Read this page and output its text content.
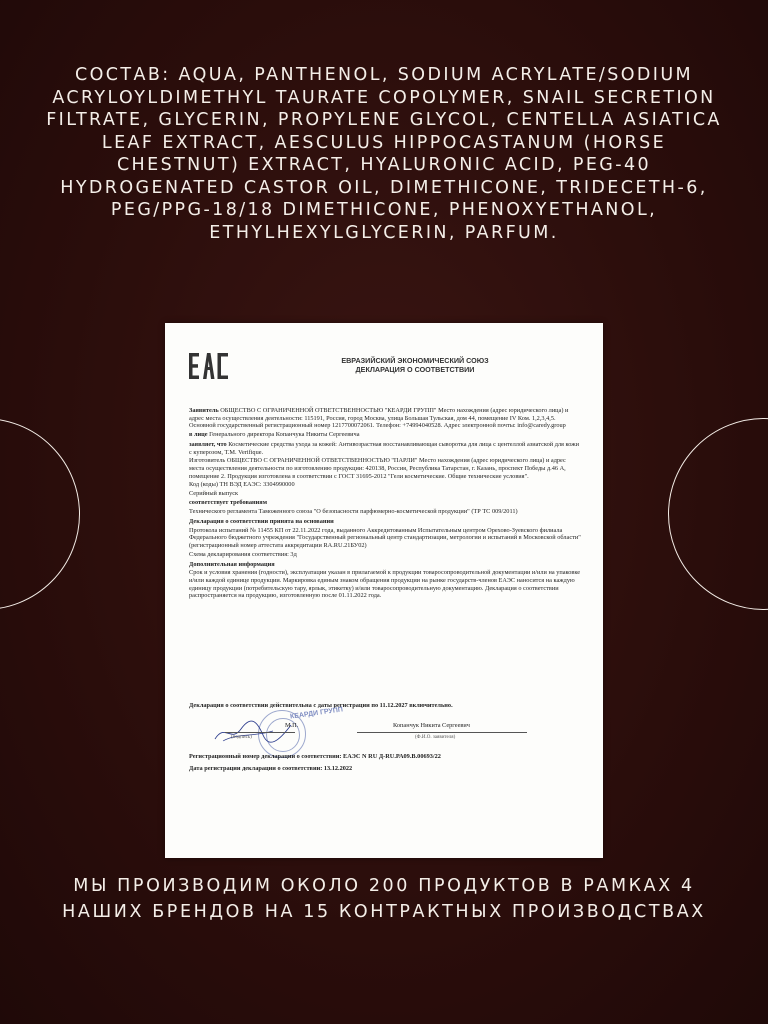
СОСТАВ: AQUA, PANTHENOL, SODIUM ACRYLATE/SODIUM ACRYLOYLDIMETHYL TAURATE COPOLYMER, SNAIL SECRETION FILTRATE, GLYCERIN, PROPYLENE GLYCOL, CENTELLA ASIATICA LEAF EXTRACT, AESCULUS HIPPOCASTANUM (HORSE CHESTNUT) EXTRACT, HYALURONIC ACID, PEG-40 HYDROGENATED CASTOR OIL, DIMETHICONE, TRIDECETH-6, PEG/PPG-18/18 DIMETHICONE, PHENOXYETHANOL, ETHYLHEXYLGLYCERIN, PARFUM.
ЕВРАЗИЙСКИЙ ЭКОНОМИЧЕСКИЙ СОЮЗ
ДЕКЛАРАЦИЯ О СООТВЕТСТВИИ

Заявитель ОБЩЕСТВО С ОГРАНИЧЕННОЙ ОТВЕТСТВЕННОСТЬЮ "КЕАРДИ ГРУПП" Место нахождения (адрес юридического лица) и адрес места осуществления деятельности: 115191, Россия, город Москва, улица Большая Тульская, дом 44, помещение IV Ком. 1,2,3,4,5. Основной государственный регистрационный номер 1217700072061. Телефон: +74994040528. Адрес электронной почты: info@caredy.group

в лице Генерального директора Копанчука Никиты Сергеевича

заявляет, что Косметические средства ухода за кожей: Антивозрастная восстанавливающая сыворотка для лица с центеллой азиатской для кожи с куперозом, Т.М. Verifique.

Изготовитель ОБЩЕСТВО С ОГРАНИЧЕННОЙ ОТВЕТСТВЕННОСТЬЮ "ПАРЛИ" Место нахождения (адрес юридического лица) и адрес места осуществления деятельности по изготовлению продукции: 420138, Россия, Республика Татарстан, г. Казань, проспект Победы д.46 А, помещение 2. Продукция изготовлена в соответствии с ГОСТ 31695-2012 "Гели косметические. Общие технические условия".

Код (коды) ТН ВЭД ЕАЭС: 3304990000

Серийный выпуск

соответствует требованиям

Технического регламента Таможенного союза "О безопасности парфюмерно-косметической продукции" (ТР ТС 009/2011)

Декларация о соответствии принята на основании

Протокола испытаний № 11455 КП от 22.11.2022 года, выданного Аккредитованным Испытательным центром Орехово-Зуевского филиала Федерального бюджетного учреждения "Государственный региональный центр стандартизации, метрологии и испытаний в Московской области" (регистрационный номер аттестата аккредитации RA.RU.21БУ02)

Схема декларирования соответствия: 3д

Дополнительная информация

Срок и условия хранения (годности), эксплуатации указан в прилагаемой к продукции товаросопроводительной документации и/или на упаковке и/или каждой единице продукции. Маркировка единым знаком обращения продукции на рынке государств-членов ЕАЭС наносится на каждую единицу продукции (потребительскую тару, ярлык, этикетку) и/или товаросопроводительную документацию. Декларация о соответствии распространяется на продукцию, изготовленную после 01.11.2022 года.

Декларация о соответствии действительна с даты регистрации по 11.12.2027 включительно.
КЕАРДИ ГРУПП
Копанчук Никита Сергеевич
(подпись)	(Ф.И.О. заявителя)
М.П.
Регистрационный номер декларации о соответствии: ЕАЭС N RU Д-RU.РА09.В.00693/22
Дата регистрации декларации о соответствии: 13.12.2022
МЫ ПРОИЗВОДИМ ОКОЛО 200 ПРОДУКТОВ В РАМКАХ 4 НАШИХ БРЕНДОВ НА 15 КОНТРАКТНЫХ ПРОИЗВОДСТВАХ
